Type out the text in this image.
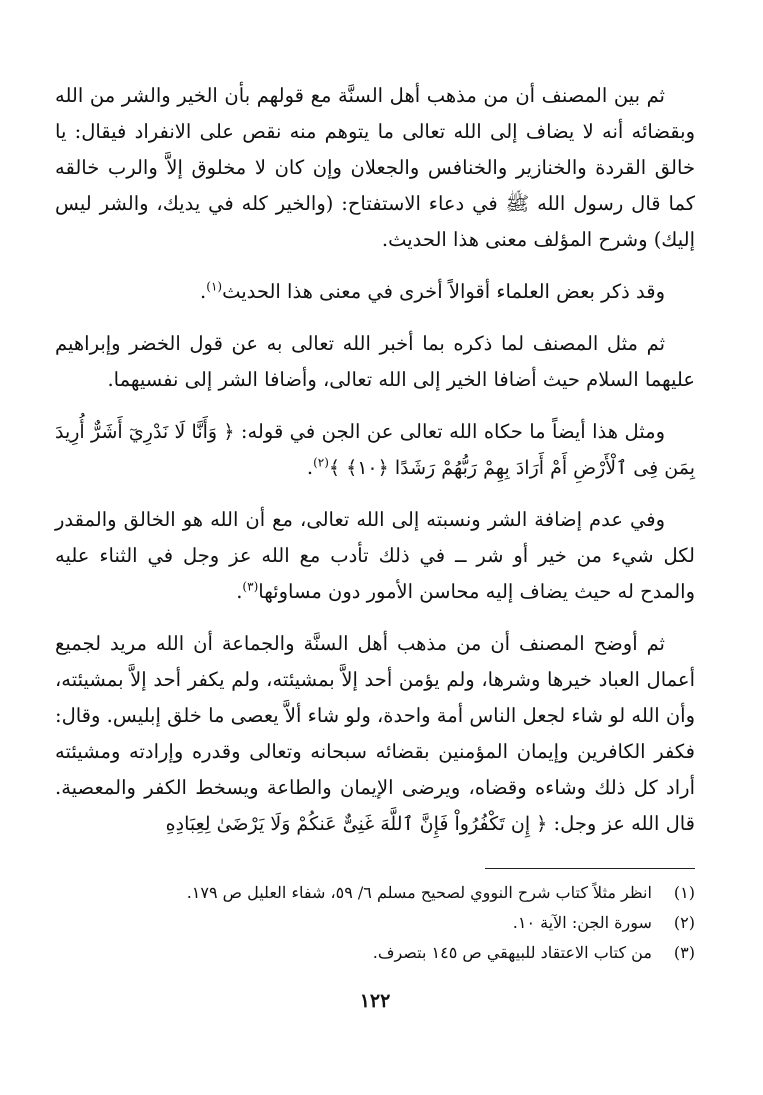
ثم بين المصنف أن من مذهب أهل السنَّة مع قولهم بأن الخير والشر من الله وبقضائه أنه لا يضاف إلى الله تعالى ما يتوهم منه نقص على الانفراد فيقال: يا خالق القردة والخنازير والخنافس والجعلان وإن كان لا مخلوق إلاَّ والرب خالقه كما قال رسول الله ﷺ في دعاء الاستفتاح: (والخير كله في يديك، والشر ليس إليك) وشرح المؤلف معنى هذا الحديث.

وقد ذكر بعض العلماء أقوالاً أخرى في معنى هذا الحديث$^{(١)}$.

ثم مثل المصنف لما ذكره بما أخبر الله تعالى به عن قول الخضر وإبراهيم عليهما السلام حيث أضافا الخير إلى الله تعالى، وأضافا الشر إلى نفسيهما.

ومثل هذا أيضاً ما حكاه الله تعالى عن الجن في قوله: ﴿ وَأَنَّا لَا نَدْرِيٓ أَشَرٌّ أُرِيدَ بِمَن فِى ٱلْأَرْضِ أَمْ أَرَادَ بِهِمْ رَبُّهُمْ رَشَدًا ﴿١٠﴾ ﴾$^{(٢)}$.

وفي عدم إضافة الشر ونسبته إلى الله تعالى، مع أن الله هو الخالق والمقدر لكل شيء من خير أو شر ــ في ذلك تأدب مع الله عز وجل في الثناء عليه والمدح له حيث يضاف إليه محاسن الأمور دون مساوئها$^{(٣)}$.

ثم أوضح المصنف أن من مذهب أهل السنَّة والجماعة أن الله مريد لجميع أعمال العباد خيرها وشرها، ولم يؤمن أحد إلاَّ بمشيئته، ولم يكفر أحد إلاَّ بمشيئته، وأن الله لو شاء لجعل الناس أمة واحدة، ولو شاء ألاَّ يعصى ما خلق إبليس. وقال: فكفر الكافرين وإيمان المؤمنين بقضائه سبحانه وتعالى وقدره وإرادته ومشيئته أراد كل ذلك وشاءه وقضاه، ويرضى الإيمان والطاعة ويسخط الكفر والمعصية. قال الله عز وجل: ﴿ إِن تَكْفُرُواْ فَإِنَّ ٱللَّهَ غَنِىٌّ عَنكُمْ وَلَا يَرْضَىٰ لِعِبَادِهِ

(١) انظر مثلاً كتاب شرح النووي لصحيح مسلم ٦/ ٥٩، شفاء العليل ص ١٧٩.

(٢) سورة الجن: الآية ١٠.

(٣) من كتاب الاعتقاد للبيهقي ص ١٤٥ بتصرف.

١٢٢
